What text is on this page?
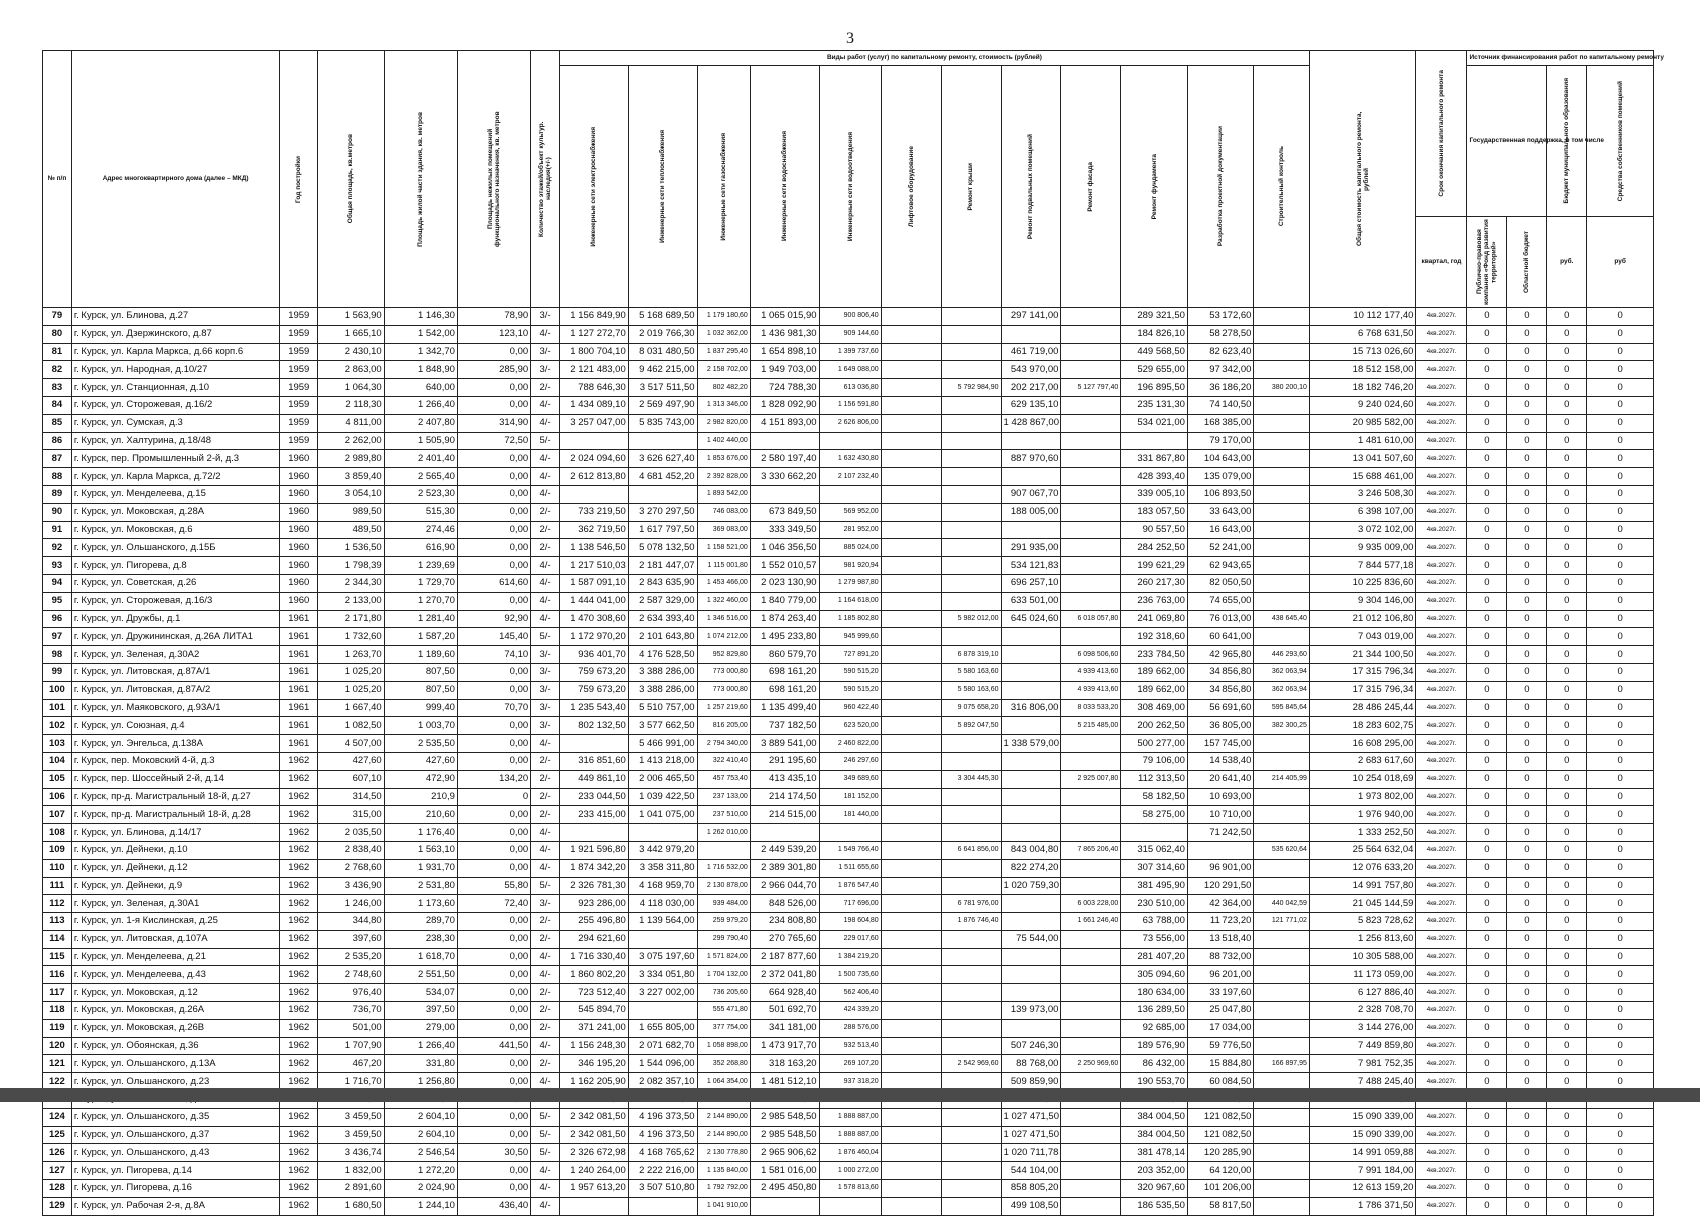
3
№ п/п	Адрес многоквартирного дома (далее – МКД)	Год постройки	Общая площадь, кв.метров	Площадь жилой части здания, кв. метров	Площадь нежилых помещений функционального назначения, кв. метров	Количество этажей/объект культур. наследия(+/-)	Виды работ (услуг) по капитальному ремонту, стоимость (рублей)												Общая стоимость капитального ремонта, рублей	Срок окончания капитального ремонта	Источник финансирования работ по капитальному ремонту			

							Инженерные сети электроснабжения	Инженерные сети теплоснабжения	Инженерные сети газоснабжения	Инженерные сети водоснабжения	Инженерные сети водоотведения	Лифтовое оборудование	Ремонт крыши	Ремонт подвальных помещений	Ремонт фасада	Ремонт фундамента	Разработка проектной документации	Строительный контроль			Государственная поддержка, в том числе		Бюджет муниципального образования	Средства собственников помещений

																				квартал, год	Публично-правовая компания «Фонд развития территорий»	Областной бюджет	руб.	руб
79	г. Курск, ул. Блинова, д.27	1959	1 563,90	1 146,30	78,90	3/-	1 156 849,90	5 168 689,50	1 179 180,60	1 065 015,90	900 806,40			297 141,00		289 321,50	53 172,60		10 112 177,40	4кв.2027г.	0	0	0	0
80	г. Курск, ул. Дзержинского, д.87	1959	1 665,10	1 542,00	123,10	4/-	1 127 272,70	2 019 766,30	1 032 362,00	1 436 981,30	909 144,60					184 826,10	58 278,50		6 768 631,50	4кв.2027г.	0	0	0	0
81	г. Курск, ул. Карла Маркса, д.66 корп.6	1959	2 430,10	1 342,70	0,00	3/-	1 800 704,10	8 031 480,50	1 837 295,40	1 654 898,10	1 399 737,60			461 719,00		449 568,50	82 623,40		15 713 026,60	4кв.2027г.	0	0	0	0
82	г. Курск, ул. Народная, д.10/27	1959	2 863,00	1 848,90	285,90	3/-	2 121 483,00	9 462 215,00	2 158 702,00	1 949 703,00	1 649 088,00			543 970,00		529 655,00	97 342,00		18 512 158,00	4кв.2027г.	0	0	0	0
83	г. Курск, ул. Станционная, д.10	1959	1 064,30	640,00	0,00	2/-	788 646,30	3 517 511,50	802 482,20	724 788,30	613 036,80		5 792 984,90	202 217,00	5 127 797,40	196 895,50	36 186,20	380 200,10	18 182 746,20	4кв.2027г.	0	0	0	0
84	г. Курск, ул. Сторожевая, д.16/2	1959	2 118,30	1 266,40	0,00	4/-	1 434 089,10	2 569 497,90	1 313 346,00	1 828 092,90	1 156 591,80			629 135,10		235 131,30	74 140,50		9 240 024,60	4кв.2027г.	0	0	0	0
85	г. Курск, ул. Сумская, д.3	1959	4 811,00	2 407,80	314,90	4/-	3 257 047,00	5 835 743,00	2 982 820,00	4 151 893,00	2 626 806,00			1 428 867,00		534 021,00	168 385,00		20 985 582,00	4кв.2027г.	0	0	0	0
86	г. Курск, ул. Халтурина, д.18/48	1959	2 262,00	1 505,90	72,50	5/-			1 402 440,00								79 170,00		1 481 610,00	4кв.2027г.	0	0	0	0
87	г. Курск, пер. Промышленный 2-й, д.3	1960	2 989,80	2 401,40	0,00	4/-	2 024 094,60	3 626 627,40	1 853 676,00	2 580 197,40	1 632 430,80			887 970,60		331 867,80	104 643,00		13 041 507,60	4кв.2027г.	0	0	0	0
88	г. Курск, ул. Карла Маркса, д.72/2	1960	3 859,40	2 565,40	0,00	4/-	2 612 813,80	4 681 452,20	2 392 828,00	3 330 662,20	2 107 232,40					428 393,40	135 079,00		15 688 461,00	4кв.2027г.	0	0	0	0
89	г. Курск, ул. Менделеева, д.15	1960	3 054,10	2 523,30	0,00	4/-			1 893 542,00					907 067,70		339 005,10	106 893,50		3 246 508,30	4кв.2027г.	0	0	0	0
90	г. Курск, ул. Моковская, д.28А	1960	989,50	515,30	0,00	2/-	733 219,50	3 270 297,50	746 083,00	673 849,50	569 952,00			188 005,00		183 057,50	33 643,00		6 398 107,00	4кв.2027г.	0	0	0	0
91	г. Курск, ул. Моковская, д.6	1960	489,50	274,46	0,00	2/-	362 719,50	1 617 797,50	369 083,00	333 349,50	281 952,00					90 557,50	16 643,00		3 072 102,00	4кв.2027г.	0	0	0	0
92	г. Курск, ул. Ольшанского, д.15Б	1960	1 536,50	616,90	0,00	2/-	1 138 546,50	5 078 132,50	1 158 521,00	1 046 356,50	885 024,00			291 935,00		284 252,50	52 241,00		9 935 009,00	4кв.2027г.	0	0	0	0
93	г. Курск, ул. Пигорева, д.8	1960	1 798,39	1 239,69	0,00	4/-	1 217 510,03	2 181 447,07	1 115 001,80	1 552 010,57	981 920,94			534 121,83		199 621,29	62 943,65		7 844 577,18	4кв.2027г.	0	0	0	0
94	г. Курск, ул. Советская, д.26	1960	2 344,30	1 729,70	614,60	4/-	1 587 091,10	2 843 635,90	1 453 466,00	2 023 130,90	1 279 987,80			696 257,10		260 217,30	82 050,50		10 225 836,60	4кв.2027г.	0	0	0	0
95	г. Курск, ул. Сторожевая, д.16/3	1960	2 133,00	1 270,70	0,00	4/-	1 444 041,00	2 587 329,00	1 322 460,00	1 840 779,00	1 164 618,00			633 501,00		236 763,00	74 655,00		9 304 146,00	4кв.2027г.	0	0	0	0
96	г. Курск, ул. Дружбы, д.1	1961	2 171,80	1 281,40	92,90	4/-	1 470 308,60	2 634 393,40	1 346 516,00	1 874 263,40	1 185 802,80		5 982 012,00	645 024,60	6 018 057,80	241 069,80	76 013,00	438 645,40	21 012 106,80	4кв.2027г.	0	0	0	0
97	г. Курск, ул. Дружининская, д.26А ЛИТА1	1961	1 732,60	1 587,20	145,40	5/-	1 172 970,20	2 101 643,80	1 074 212,00	1 495 233,80	945 999,60					192 318,60	60 641,00		7 043 019,00	4кв.2027г.	0	0	0	0
98	г. Курск, ул. Зеленая, д.30А2	1961	1 263,70	1 189,60	74,10	3/-	936 401,70	4 176 528,50	952 829,80	860 579,70	727 891,20		6 878 319,10		6 098 506,60	233 784,50	42 965,80	446 293,60	21 344 100,50	4кв.2027г.	0	0	0	0
99	г. Курск, ул. Литовская, д.87А/1	1961	1 025,20	807,50	0,00	3/-	759 673,20	3 388 286,00	773 000,80	698 161,20	590 515,20		5 580 163,60		4 939 413,60	189 662,00	34 856,80	362 063,94	17 315 796,34	4кв.2027г.	0	0	0	0
100	г. Курск, ул. Литовская, д.87А/2	1961	1 025,20	807,50	0,00	3/-	759 673,20	3 388 286,00	773 000,80	698 161,20	590 515,20		5 580 163,60		4 939 413,60	189 662,00	34 856,80	362 063,94	17 315 796,34	4кв.2027г.	0	0	0	0
101	г. Курск, ул. Маяковского, д.93А/1	1961	1 667,40	999,40	70,70	3/-	1 235 543,40	5 510 757,00	1 257 219,60	1 135 499,40	960 422,40		9 075 658,20	316 806,00	8 033 533,20	308 469,00	56 691,60	595 845,64	28 486 245,44	4кв.2027г.	0	0	0	0
102	г. Курск, ул. Союзная, д.4	1961	1 082,50	1 003,70	0,00	3/-	802 132,50	3 577 662,50	816 205,00	737 182,50	623 520,00		5 892 047,50		5 215 485,00	200 262,50	36 805,00	382 300,25	18 283 602,75	4кв.2027г.	0	0	0	0
103	г. Курск, ул. Энгельса, д.138А	1961	4 507,00	2 535,50	0,00	4/-		5 466 991,00	2 794 340,00	3 889 541,00	2 460 822,00			1 338 579,00		500 277,00	157 745,00		16 608 295,00	4кв.2027г.	0	0	0	0
104	г. Курск, пер. Моковский 4-й, д.3	1962	427,60	427,60	0,00	2/-	316 851,60	1 413 218,00	322 410,40	291 195,60	246 297,60					79 106,00	14 538,40		2 683 617,60	4кв.2027г.	0	0	0	0
105	г. Курск, пер. Шоссейный 2-й, д.14	1962	607,10	472,90	134,20	2/-	449 861,10	2 006 465,50	457 753,40	413 435,10	349 689,60		3 304 445,30		2 925 007,80	112 313,50	20 641,40	214 405,99	10 254 018,69	4кв.2027г.	0	0	0	0
106	г. Курск, пр-д. Магистральный 18-й, д.27	1962	314,50	210,9	0	2/-	233 044,50	1 039 422,50	237 133,00	214 174,50	181 152,00					58 182,50	10 693,00		1 973 802,00	4кв.2027г.	0	0	0	0
107	г. Курск, пр-д. Магистральный 18-й, д.28	1962	315,00	210,60	0,00	2/-	233 415,00	1 041 075,00	237 510,00	214 515,00	181 440,00					58 275,00	10 710,00		1 976 940,00	4кв.2027г.	0	0	0	0
108	г. Курск, ул. Блинова, д.14/17	1962	2 035,50	1 176,40	0,00	4/-			1 262 010,00								71 242,50		1 333 252,50	4кв.2027г.	0	0	0	0
109	г. Курск, ул. Дейнеки, д.10	1962	2 838,40	1 563,10	0,00	4/-	1 921 596,80	3 442 979,20		2 449 539,20	1 549 766,40		6 641 856,00	843 004,80	7 865 206,40	315 062,40		535 620,64	25 564 632,04	4кв.2027г.	0	0	0	0
110	г. Курск, ул. Дейнеки, д.12	1962	2 768,60	1 931,70	0,00	4/-	1 874 342,20	3 358 311,80	1 716 532,00	2 389 301,80	1 511 655,60			822 274,20		307 314,60	96 901,00		12 076 633,20	4кв.2027г.	0	0	0	0
111	г. Курск, ул. Дейнеки, д.9	1962	3 436,90	2 531,80	55,80	5/-	2 326 781,30	4 168 959,70	2 130 878,00	2 966 044,70	1 876 547,40			1 020 759,30		381 495,90	120 291,50		14 991 757,80	4кв.2027г.	0	0	0	0
112	г. Курск, ул. Зеленая, д.30А1	1962	1 246,00	1 173,60	72,40	3/-	923 286,00	4 118 030,00	939 484,00	848 526,00	717 696,00		6 781 976,00		6 003 228,00	230 510,00	42 364,00	440 042,59	21 045 144,59	4кв.2027г.	0	0	0	0
113	г. Курск, ул. 1-я Кислинская, д.25	1962	344,80	289,70	0,00	2/-	255 496,80	1 139 564,00	259 979,20	234 808,80	198 604,80		1 876 746,40		1 661 246,40	63 788,00	11 723,20	121 771,02	5 823 728,62	4кв.2027г.	0	0	0	0
114	г. Курск, ул. Литовская, д.107А	1962	397,60	238,30	0,00	2/-	294 621,60		299 790,40	270 765,60	229 017,60			75 544,00		73 556,00	13 518,40		1 256 813,60	4кв.2027г.	0	0	0	0
115	г. Курск, ул. Менделеева, д.21	1962	2 535,20	1 618,70	0,00	4/-	1 716 330,40	3 075 197,60	1 571 824,00	2 187 877,60	1 384 219,20					281 407,20	88 732,00		10 305 588,00	4кв.2027г.	0	0	0	0
116	г. Курск, ул. Менделеева, д.43	1962	2 748,60	2 551,50	0,00	4/-	1 860 802,20	3 334 051,80	1 704 132,00	2 372 041,80	1 500 735,60					305 094,60	96 201,00		11 173 059,00	4кв.2027г.	0	0	0	0
117	г. Курск, ул. Моковская, д.12	1962	976,40	534,07	0,00	2/-	723 512,40	3 227 002,00	736 205,60	664 928,40	562 406,40					180 634,00	33 197,60		6 127 886,40	4кв.2027г.	0	0	0	0
118	г. Курск, ул. Моковская, д.26А	1962	736,70	397,50	0,00	2/-	545 894,70		555 471,80	501 692,70	424 339,20			139 973,00		136 289,50	25 047,80		2 328 708,70	4кв.2027г.	0	0	0	0
119	г. Курск, ул. Моковская, д.26В	1962	501,00	279,00	0,00	2/-	371 241,00	1 655 805,00	377 754,00	341 181,00	288 576,00					92 685,00	17 034,00		3 144 276,00	4кв.2027г.	0	0	0	0
120	г. Курск, ул. Обоянская, д.36	1962	1 707,90	1 266,40	441,50	4/-	1 156 248,30	2 071 682,70	1 058 898,00	1 473 917,70	932 513,40			507 246,30		189 576,90	59 776,50		7 449 859,80	4кв.2027г.	0	0	0	0
121	г. Курск, ул. Ольшанского, д.13А	1962	467,20	331,80	0,00	2/-	346 195,20	1 544 096,00	352 268,80	318 163,20	269 107,20		2 542 969,60	88 768,00	2 250 969,60	86 432,00	15 884,80	166 897,95	7 981 752,35	4кв.2027г.	0	0	0	0
122	г. Курск, ул. Ольшанского, д.23	1962	1 716,70	1 256,80	0,00	4/-	1 162 205,90	2 082 357,10	1 064 354,00	1 481 512,10	937 318,20			509 859,90		190 553,70	60 084,50		7 488 245,40	4кв.2027г.	0	0	0	0

124	г. Курск, ул. Ольшанского, д.35	1962	3 459,50	2 604,10	0,00	5/-	2 342 081,50	4 196 373,50	2 144 890,00	2 985 548,50	1 888 887,00			1 027 471,50		384 004,50	121 082,50		15 090 339,00	4кв.2027г.	0	0	0	0
125	г. Курск, ул. Ольшанского, д.37	1962	3 459,50	2 604,10	0,00	5/-	2 342 081,50	4 196 373,50	2 144 890,00	2 985 548,50	1 888 887,00			1 027 471,50		384 004,50	121 082,50		15 090 339,00	4кв.2027г.	0	0	0	0
126	г. Курск, ул. Ольшанского, д.43	1962	3 436,74	2 546,54	30,50	5/-	2 326 672,98	4 168 765,62	2 130 778,80	2 965 906,62	1 876 460,04			1 020 711,78		381 478,14	120 285,90		14 991 059,88	4кв.2027г.	0	0	0	0
127	г. Курск, ул. Пигорева, д.14	1962	1 832,00	1 272,20	0,00	4/-	1 240 264,00	2 222 216,00	1 135 840,00	1 581 016,00	1 000 272,00			544 104,00		203 352,00	64 120,00		7 991 184,00	4кв.2027г.	0	0	0	0
128	г. Курск, ул. Пигорева, д.16	1962	2 891,60	2 024,90	0,00	4/-	1 957 613,20	3 507 510,80	1 792 792,00	2 495 450,80	1 578 813,60			858 805,20		320 967,60	101 206,00		12 613 159,20	4кв.2027г.	0	0	0	0
129	г. Курск, ул. Рабочая 2-я, д.8А	1962	1 680,50	1 244,10	436,40	4/-			1 041 910,00					499 108,50		186 535,50	58 817,50		1 786 371,50	4кв.2027г.	0	0	0	0
